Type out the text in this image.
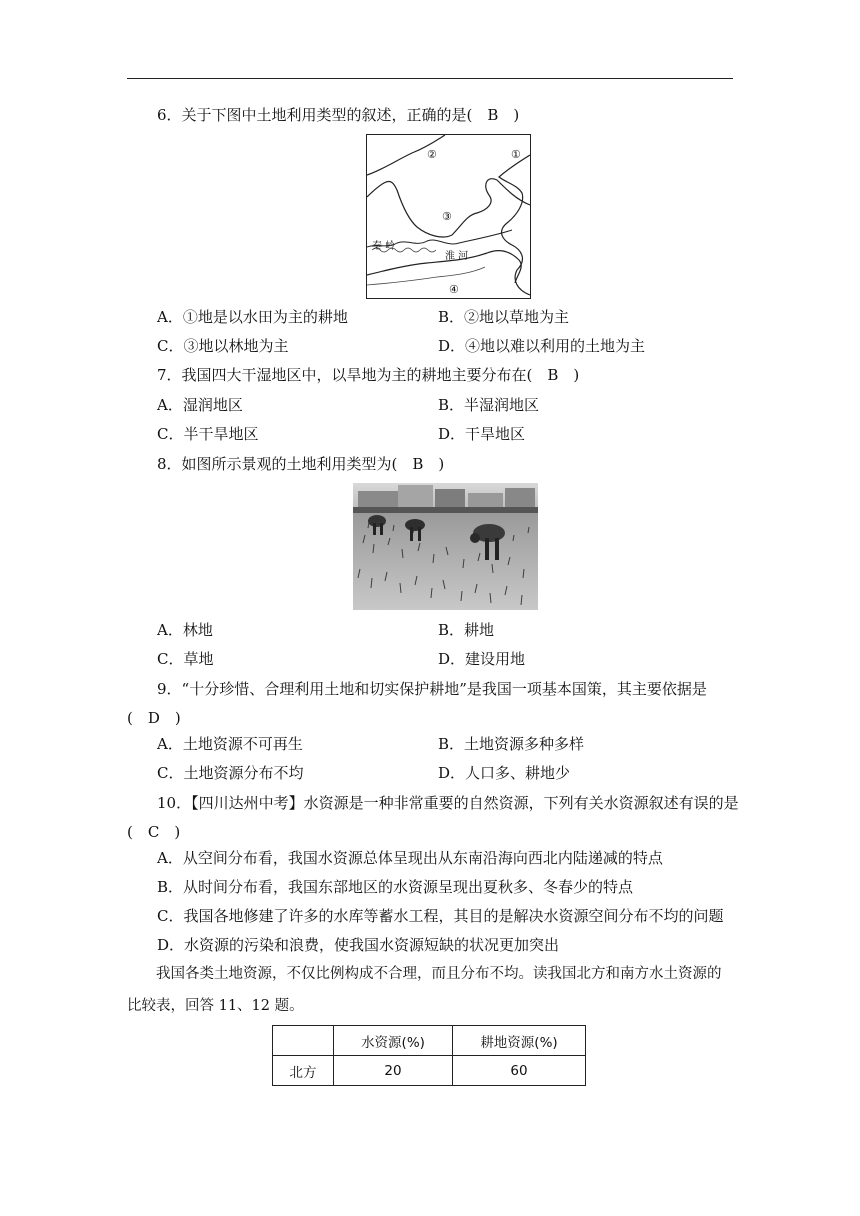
6．关于下图中土地利用类型的叙述，正确的是(　B　)
②	①
③
秦 岭
淮 河
④
A．①地是以水田为主的耕地	B．②地以草地为主
C．③地以林地为主	D．④地以难以利用的土地为主
7．我国四大干湿地区中，以旱地为主的耕地主要分布在(　B　)
A．湿润地区	B．半湿润地区
C．半干旱地区	D．干旱地区
8．如图所示景观的土地利用类型为(　B　)
A．林地	B．耕地
C．草地	D．建设用地
9．“十分珍惜、合理利用土地和切实保护耕地”是我国一项基本国策，其主要依据是
(　D　)
A．土地资源不可再生	B．土地资源多种多样
C．土地资源分布不均	D．人口多、耕地少
10．【四川达州中考】水资源是一种非常重要的自然资源，下列有关水资源叙述有误的是
(　C　)
A．从空间分布看，我国水资源总体呈现出从东南沿海向西北内陆递减的特点
B．从时间分布看，我国东部地区的水资源呈现出夏秋多、冬春少的特点
C．我国各地修建了许多的水库等蓄水工程，其目的是解决水资源空间分布不均的问题
D．水资源的污染和浪费，使我国水资源短缺的状况更加突出
我国各类土地资源，不仅比例构成不合理，而且分布不均。读我国北方和南方水土资源的比较表，回答 11、12 题。
	水资源(%)	耕地资源(%)
北方	20	60
